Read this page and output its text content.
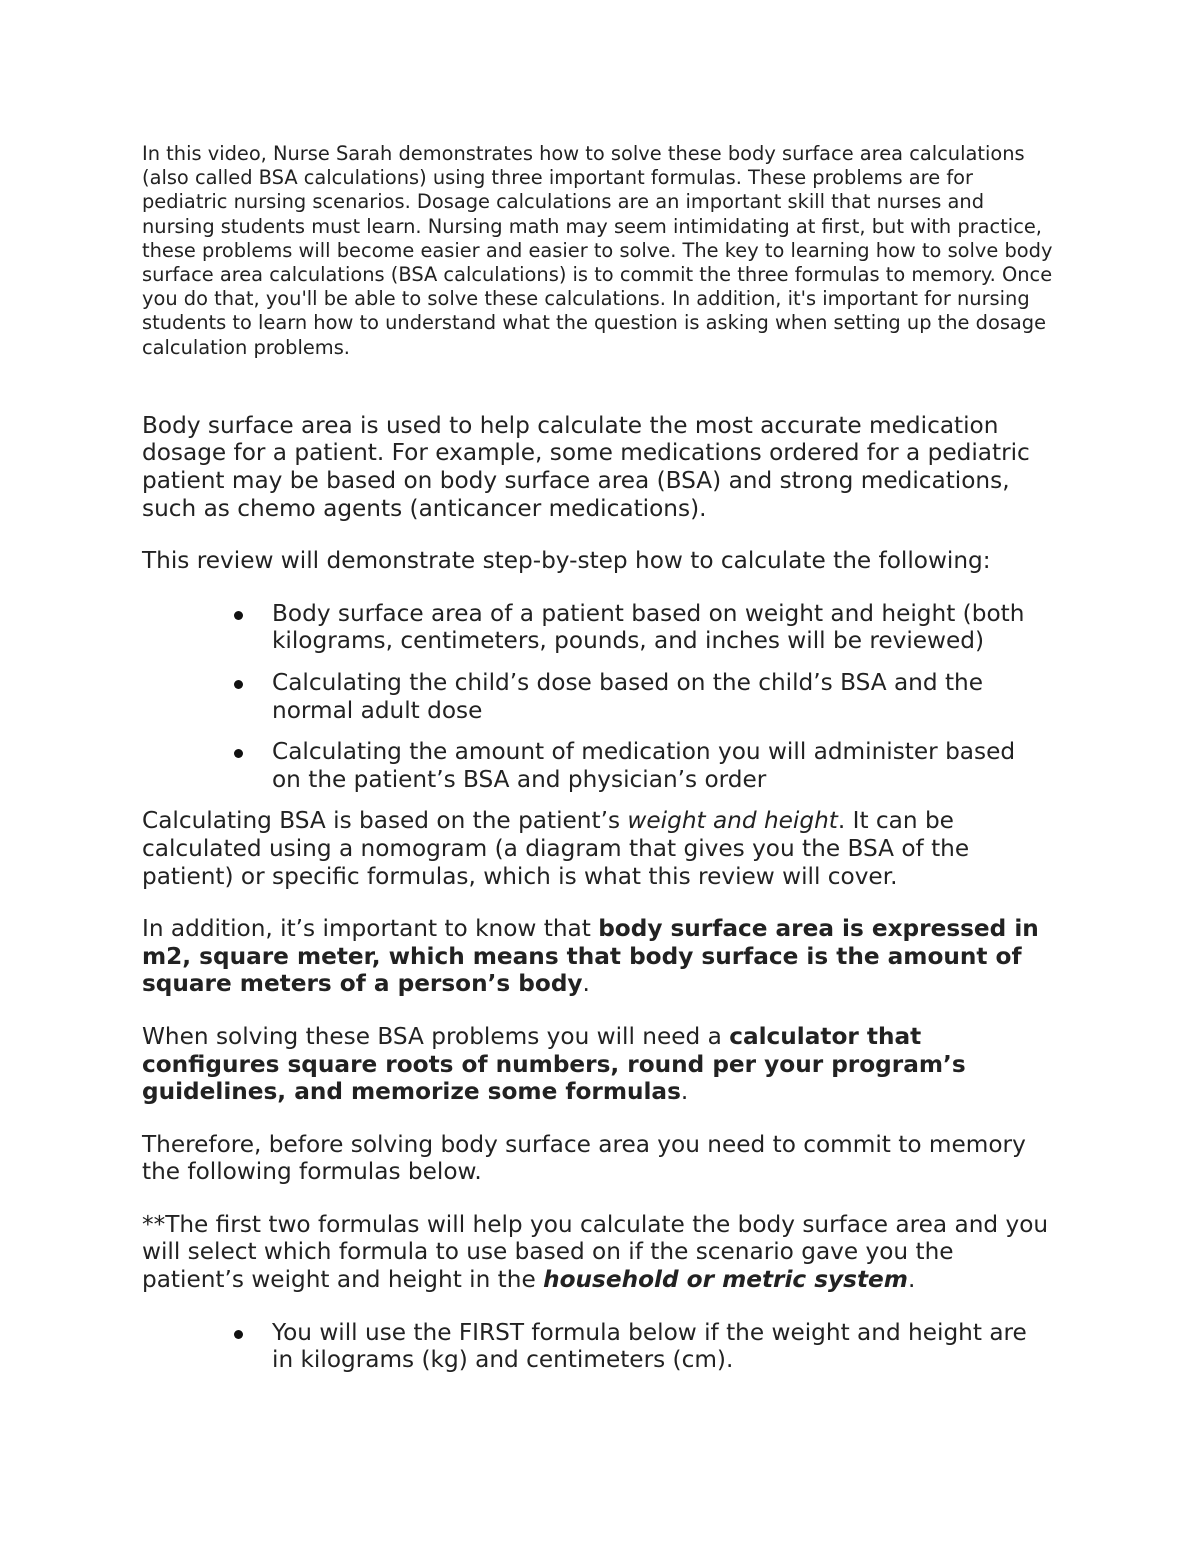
In this video, Nurse Sarah demonstrates how to solve these body surface area calculations (also called BSA calculations) using three important formulas. These problems are for pediatric nursing scenarios. Dosage calculations are an important skill that nurses and nursing students must learn. Nursing math may seem intimidating at first, but with practice, these problems will become easier and easier to solve. The key to learning how to solve body surface area calculations (BSA calculations) is to commit the three formulas to memory. Once you do that, you'll be able to solve these calculations. In addition, it's important for nursing students to learn how to understand what the question is asking when setting up the dosage calculation problems.

Body surface area is used to help calculate the most accurate medication dosage for a patient. For example, some medications ordered for a pediatric patient may be based on body surface area (BSA) and strong medications, such as chemo agents (anticancer medications).

This review will demonstrate step-by-step how to calculate the following:

Body surface area of a patient based on weight and height (both kilograms, centimeters, pounds, and inches will be reviewed)
Calculating the child’s dose based on the child’s BSA and the normal adult dose
Calculating the amount of medication you will administer based on the patient’s BSA and physician’s order

Calculating BSA is based on the patient’s weight and height. It can be calculated using a nomogram (a diagram that gives you the BSA of the patient) or specific formulas, which is what this review will cover.

In addition, it’s important to know that body surface area is expressed in m2, square meter, which means that body surface is the amount of square meters of a person’s body.

When solving these BSA problems you will need a calculator that configures square roots of numbers, round per your program’s guidelines, and memorize some formulas.

Therefore, before solving body surface area you need to commit to memory the following formulas below.

**The first two formulas will help you calculate the body surface area and you will select which formula to use based on if the scenario gave you the patient’s weight and height in the household or metric system.

You will use the FIRST formula below if the weight and height are in kilograms (kg) and centimeters (cm).
